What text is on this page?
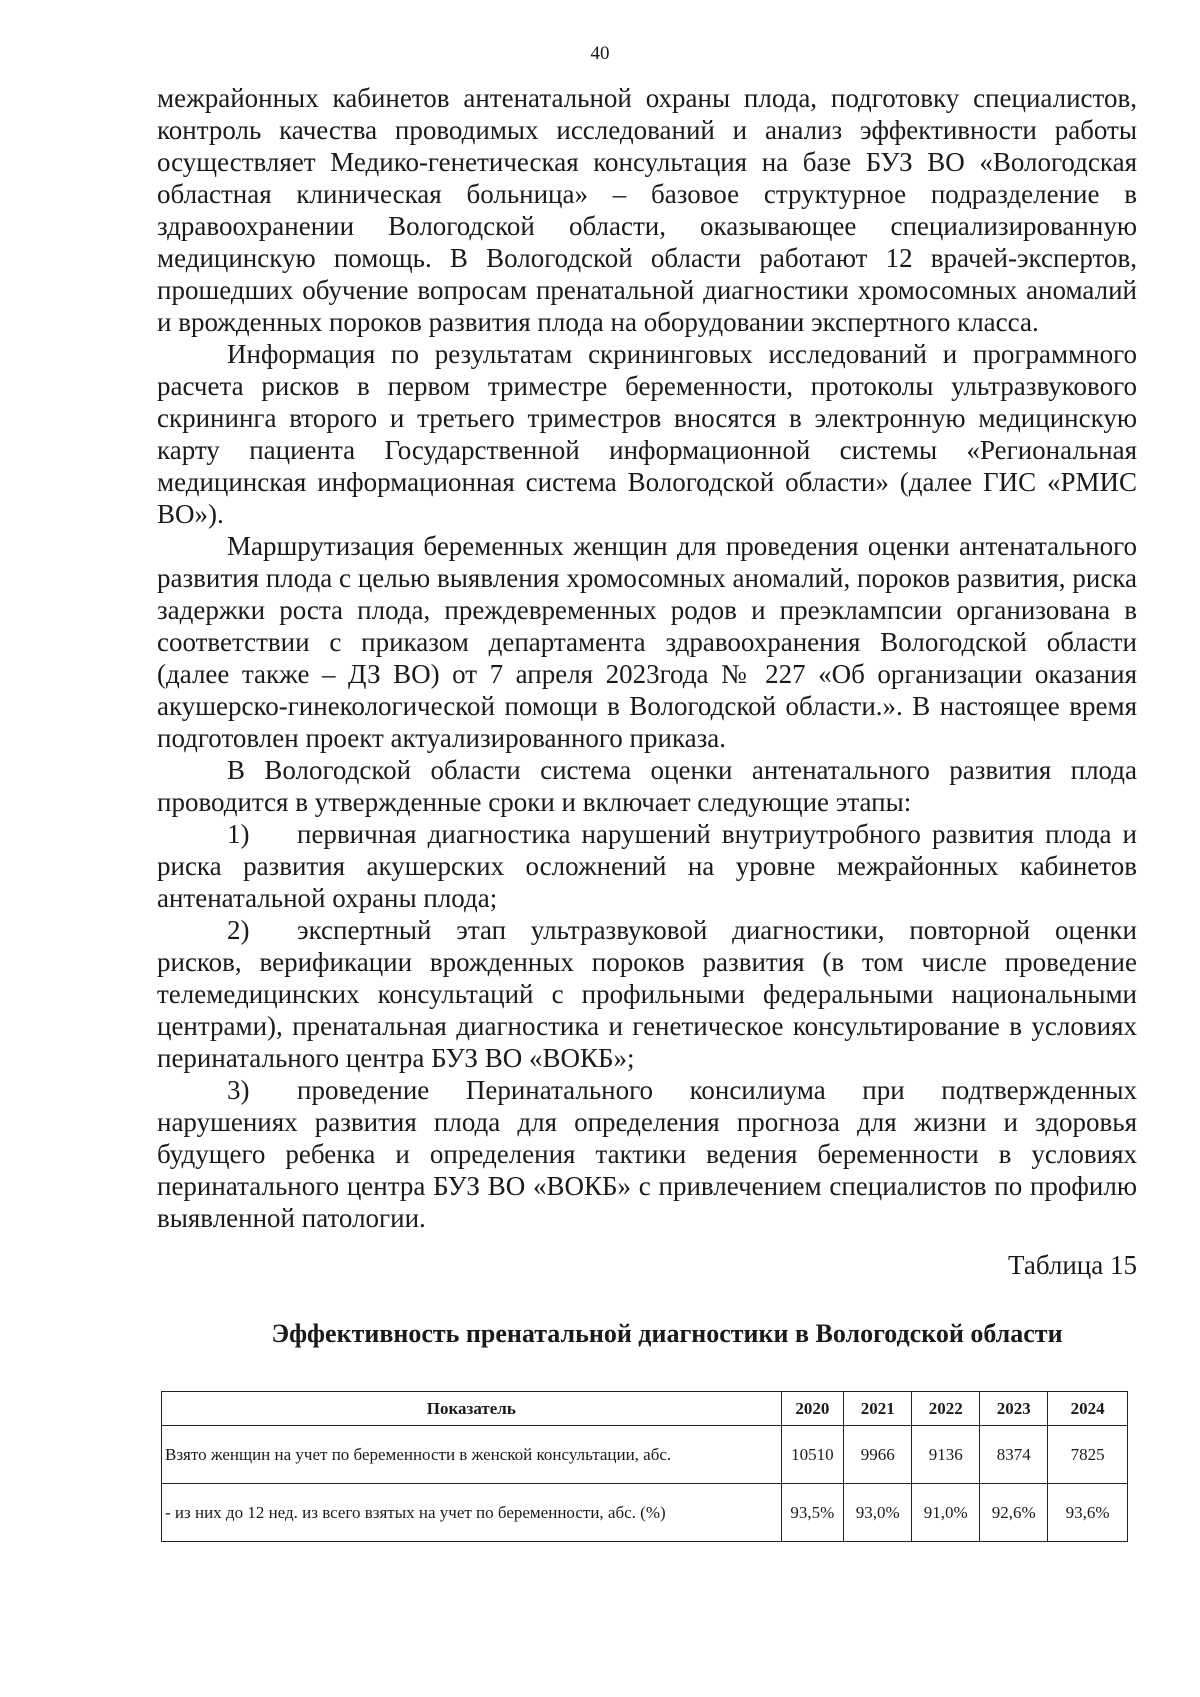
40

межрайонных кабинетов антенатальной охраны плода, подготовку специалистов, контроль качества проводимых исследований и анализ эффективности работы осуществляет Медико-генетическая консультация на базе БУЗ ВО «Вологодская областная клиническая больница» – базовое структурное подразделение в здравоохранении Вологодской области, оказывающее специализированную медицинскую помощь. В Вологодской области работают 12 врачей-экспертов, прошедших обучение вопросам пренатальной диагностики хромосомных аномалий и врожденных пороков развития плода на оборудовании экспертного класса.

Информация по результатам скрининговых исследований и программного расчета рисков в первом триместре беременности, протоколы ультразвукового скрининга второго и третьего триместров вносятся в электронную медицинскую карту пациента Государственной информационной системы «Региональная медицинская информационная система Вологодской области» (далее ГИС «РМИС ВО»).

Маршрутизация беременных женщин для проведения оценки антенатального развития плода с целью выявления хромосомных аномалий, пороков развития, риска задержки роста плода, преждевременных родов и преэклампсии организована в соответствии с приказом департамента здравоохранения Вологодской области (далее также – ДЗ ВО) от 7 апреля 2023года № 227 «Об организации оказания акушерско-гинекологической помощи в Вологодской области.». В настоящее время подготовлен проект актуализированного приказа.

В Вологодской области система оценки антенатального развития плода проводится в утвержденные сроки и включает следующие этапы:

1) первичная диагностика нарушений внутриутробного развития плода и риска развития акушерских осложнений на уровне межрайонных кабинетов антенатальной охраны плода;

2) экспертный этап ультразвуковой диагностики, повторной оценки рисков, верификации врожденных пороков развития (в том числе проведение телемедицинских консультаций с профильными федеральными национальными центрами), пренатальная диагностика и генетическое консультирование в условиях перинатального центра БУЗ ВО «ВОКБ»;

3) проведение Перинатального консилиума при подтвержденных нарушениях развития плода для определения прогноза для жизни и здоровья будущего ребенка и определения тактики ведения беременности в условиях перинатального центра БУЗ ВО «ВОКБ» с привлечением специалистов по профилю выявленной патологии.

Таблица 15
Эффективность пренатальной диагностики в Вологодской области
Показатель	2020	2021	2022	2023	2024
Взято женщин на учет по беременности в женской консультации, абс.	10510	9966	9136	8374	7825
- из них до 12 нед. из всего взятых на учет по беременности, абс. (%)	93,5%	93,0%	91,0%	92,6%	93,6%
